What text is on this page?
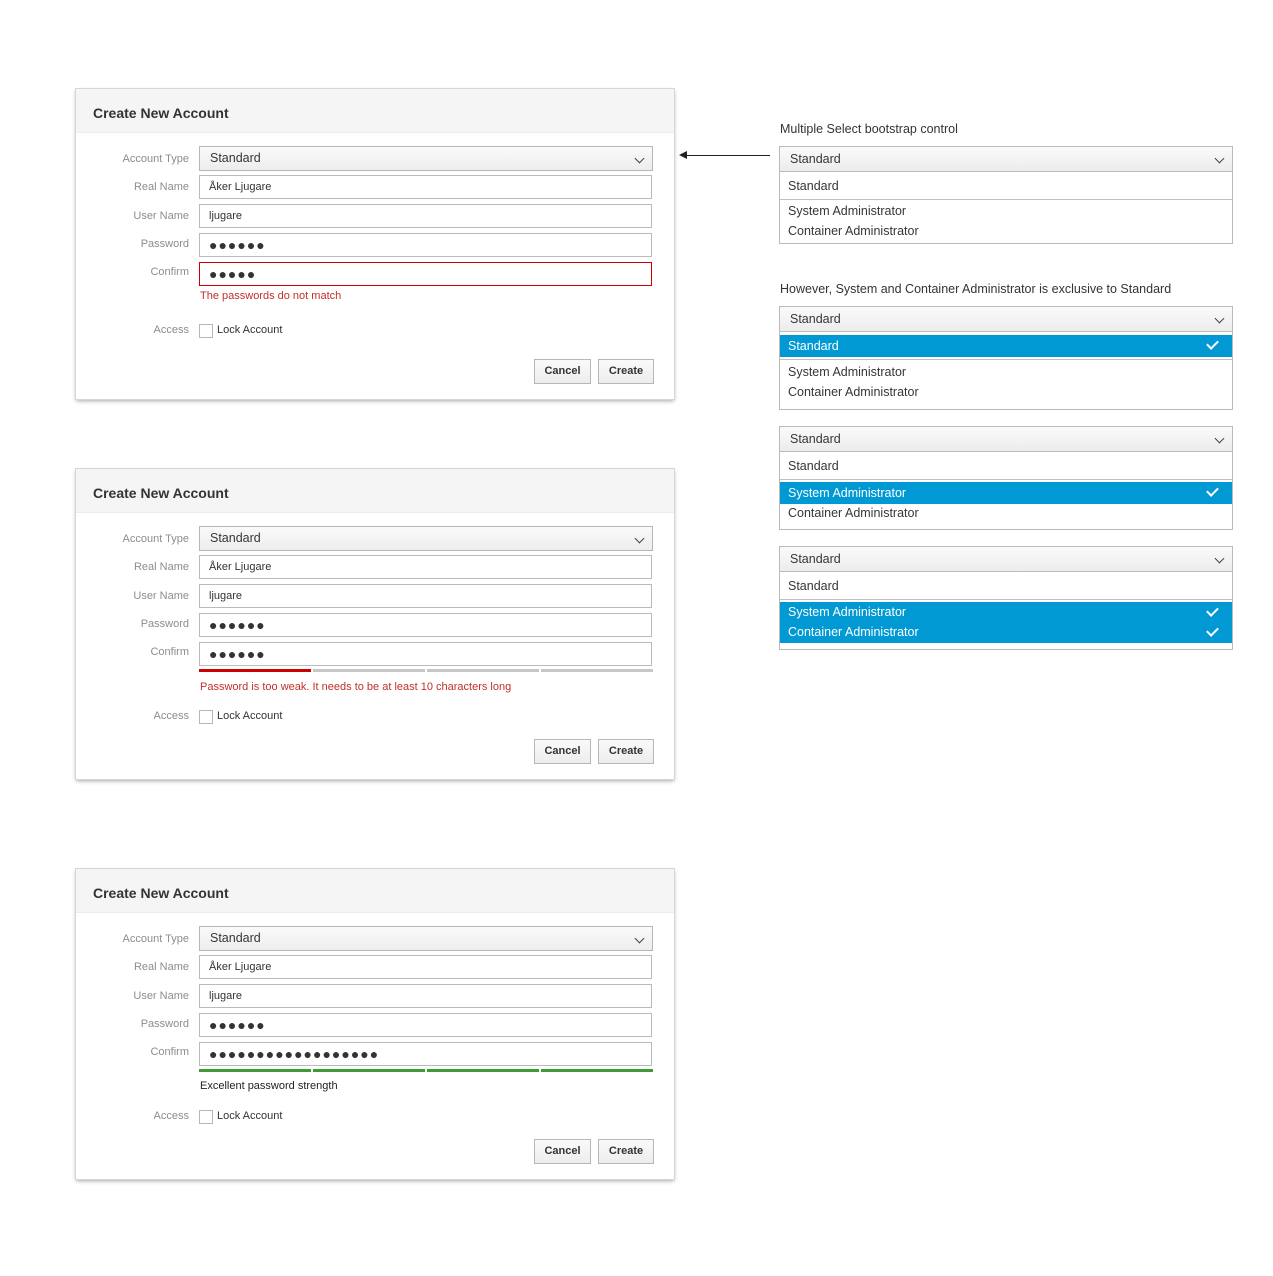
Create New Account
Account Type	Standard
Real Name	Åker Ljugare
User Name	ljugare
Password	●●●●●●
Confirm	●●●●●
The passwords do not match
Access	Lock Account
Cancel	Create
Create New Account
Account Type	Standard
Real Name	Åker Ljugare
User Name	ljugare
Password	●●●●●●
Confirm	●●●●●●
Password is too weak. It needs to be at least 10 characters long
Access	Lock Account
Cancel	Create
Create New Account
Account Type	Standard
Real Name	Åker Ljugare
User Name	ljugare
Password	●●●●●●
Confirm	●●●●●●●●●●●●●●●●●●
Excellent password strength
Access	Lock Account
Cancel	Create
Multiple Select bootstrap control
Standard
Standard
System Administrator
Container Administrator
However, System and Container Administrator is exclusive to Standard
Standard
Standard
System Administrator
Container Administrator
Standard
Standard
System Administrator
Container Administrator
Standard
Standard
System Administrator
Container Administrator
